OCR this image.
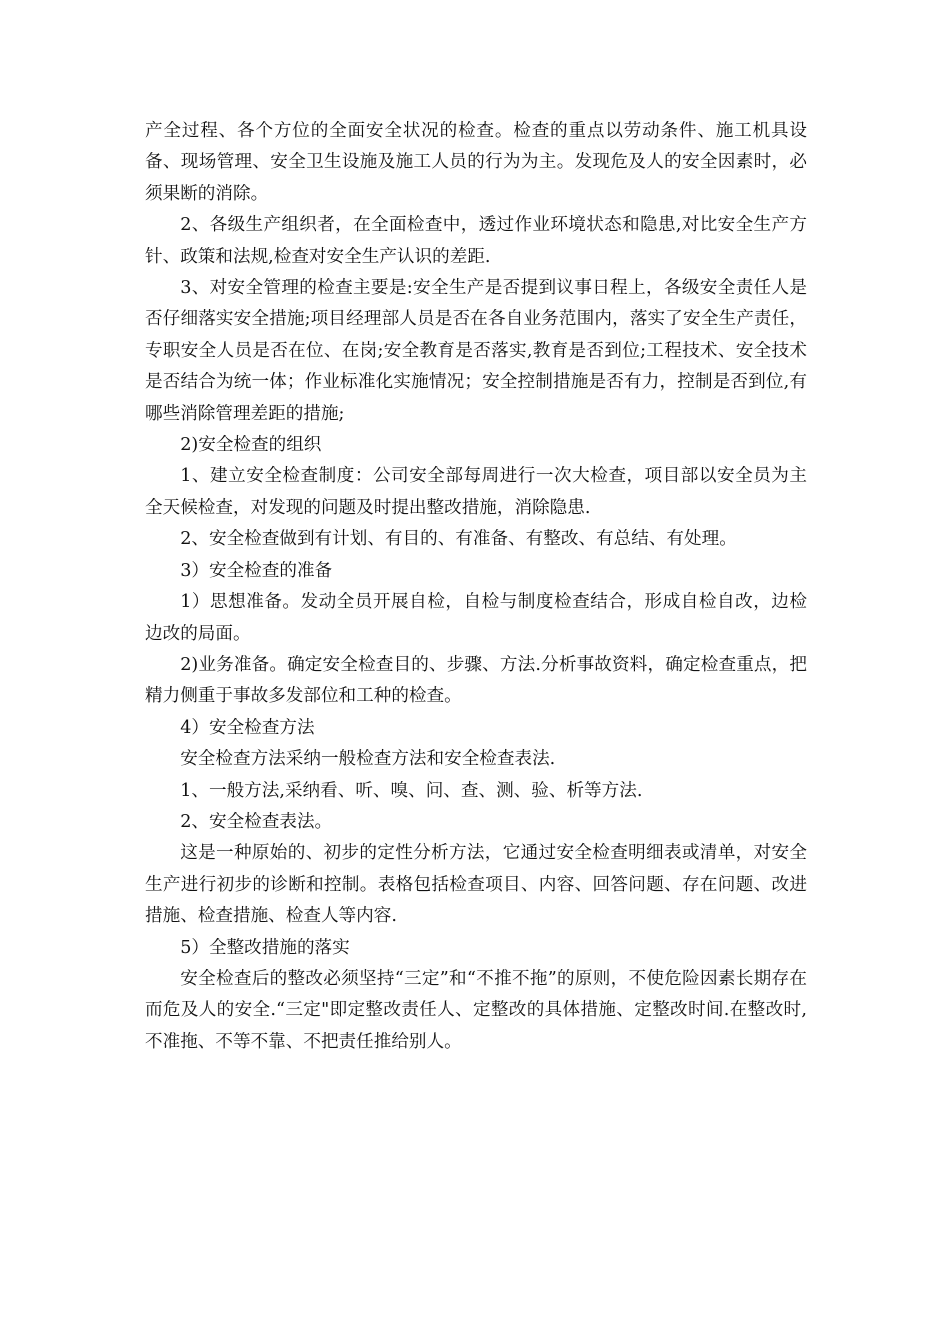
产全过程、各个方位的全面安全状况的检查。检查的重点以劳动条件、施工机具设备、现场管理、安全卫生设施及施工人员的行为为主。发现危及人的安全因素时，必须果断的消除。

2、各级生产组织者，在全面检查中，透过作业环境状态和隐患,对比安全生产方针、政策和法规,检查对安全生产认识的差距.

3、对安全管理的检查主要是:安全生产是否提到议事日程上，各级安全责任人是否仔细落实安全措施;项目经理部人员是否在各自业务范围内，落实了安全生产责任，专职安全人员是否在位、在岗;安全教育是否落实,教育是否到位;工程技术、安全技术是否结合为统一体；作业标准化实施情况；安全控制措施是否有力，控制是否到位,有哪些消除管理差距的措施;

2)安全检查的组织

1、建立安全检查制度：公司安全部每周进行一次大检查，项目部以安全员为主全天候检查，对发现的问题及时提出整改措施，消除隐患.

2、安全检查做到有计划、有目的、有准备、有整改、有总结、有处理。

3）安全检查的准备

1）思想准备。发动全员开展自检，自检与制度检查结合，形成自检自改，边检边改的局面。

2)业务准备。确定安全检查目的、步骤、方法.分析事故资料，确定检查重点，把精力侧重于事故多发部位和工种的检查。

4）安全检查方法

安全检查方法采纳一般检查方法和安全检查表法.

1、一般方法,采纳看、听、嗅、问、查、测、验、析等方法.

2、安全检查表法。

这是一种原始的、初步的定性分析方法，它通过安全检查明细表或清单，对安全生产进行初步的诊断和控制。表格包括检查项目、内容、回答问题、存在问题、改进措施、检查措施、检查人等内容.

5）全整改措施的落实

安全检查后的整改必须坚持“三定”和“不推不拖”的原则，不使危险因素长期存在而危及人的安全.“三定"即定整改责任人、定整改的具体措施、定整改时间.在整改时,不准拖、不等不靠、不把责任推给别人。
